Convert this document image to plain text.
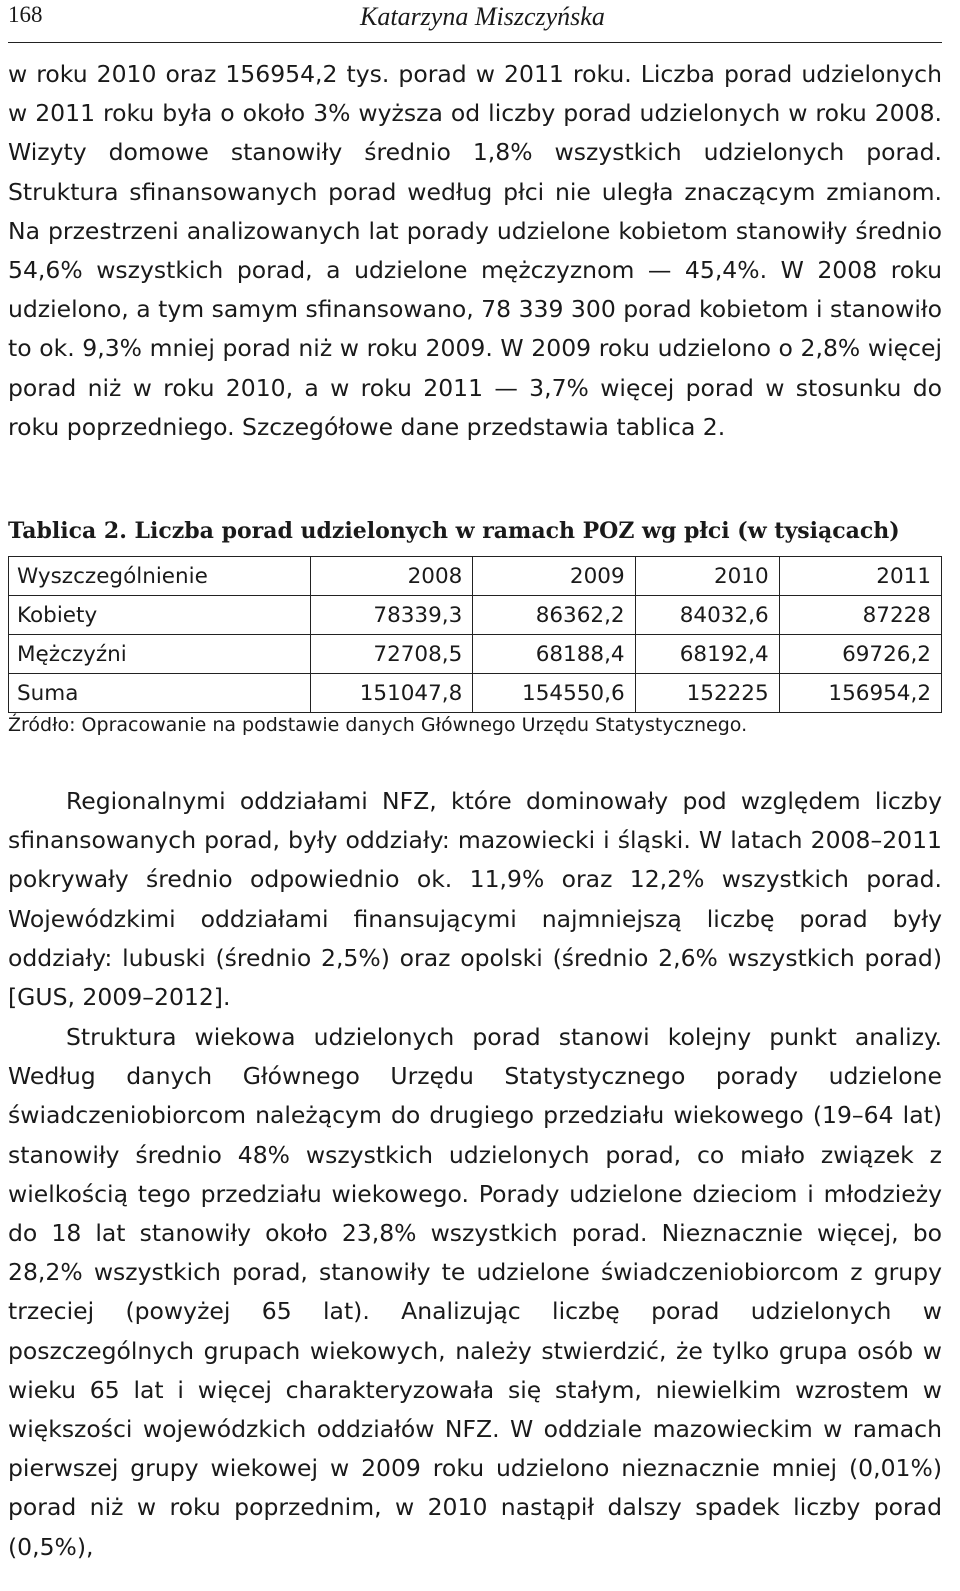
168	Katarzyna Miszczyńska

w roku 2010 oraz 156954,2 tys. porad w 2011 roku. Liczba porad udzielonych w 2011 roku była o około 3% wyższa od liczby porad udzielonych w roku 2008. Wizyty domowe stanowiły średnio 1,8% wszystkich udzielonych porad. Struktura sfinansowanych porad według płci nie uległa znaczącym zmianom. Na przestrzeni analizowanych lat porady udzielone kobietom stanowiły średnio 54,6% wszystkich porad, a udzielone mężczyznom — 45,4%. W 2008 roku udzielono, a tym samym sfinansowano, 78 339 300 porad kobietom i stanowiło to ok. 9,3% mniej porad niż w roku 2009. W 2009 roku udzielono o 2,8% więcej porad niż w roku 2010, a w roku 2011 — 3,7% więcej porad w stosunku do roku poprzedniego. Szczegółowe dane przedstawia tablica 2.

Tablica 2. Liczba porad udzielonych w ramach POZ wg płci (w tysiącach)
Wyszczególnienie	2008	2009	2010	2011
Kobiety	78339,3	86362,2	84032,6	87228
Mężczyźni	72708,5	68188,4	68192,4	69726,2
Suma	151047,8	154550,6	152225	156954,2
Źródło: Opracowanie na podstawie danych Głównego Urzędu Statystycznego.

Regionalnymi oddziałami NFZ, które dominowały pod względem liczby sfinansowanych porad, były oddziały: mazowiecki i śląski. W latach 2008–2011 pokrywały średnio odpowiednio ok. 11,9% oraz 12,2% wszystkich porad. Wojewódzkimi oddziałami finansującymi najmniejszą liczbę porad były oddziały: lubuski (średnio 2,5%) oraz opolski (średnio 2,6% wszystkich porad) [GUS, 2009–2012].

Struktura wiekowa udzielonych porad stanowi kolejny punkt analizy. Według danych Głównego Urzędu Statystycznego porady udzielone świadczeniobiorcom należącym do drugiego przedziału wiekowego (19–64 lat) stanowiły średnio 48% wszystkich udzielonych porad, co miało związek z wielkością tego przedziału wiekowego. Porady udzielone dzieciom i młodzieży do 18 lat stanowiły około 23,8% wszystkich porad. Nieznacznie więcej, bo 28,2% wszystkich porad, stanowiły te udzielone świadczeniobiorcom z grupy trzeciej (powyżej 65 lat). Analizując liczbę porad udzielonych w poszczególnych grupach wiekowych, należy stwierdzić, że tylko grupa osób w wieku 65 lat i więcej charakteryzowała się stałym, niewielkim wzrostem w większości wojewódzkich oddziałów NFZ. W oddziale mazowieckim w ramach pierwszej grupy wiekowej w 2009 roku udzielono nieznacznie mniej (0,01%) porad niż w roku poprzednim, w 2010 nastąpił dalszy spadek liczby porad (0,5%),
